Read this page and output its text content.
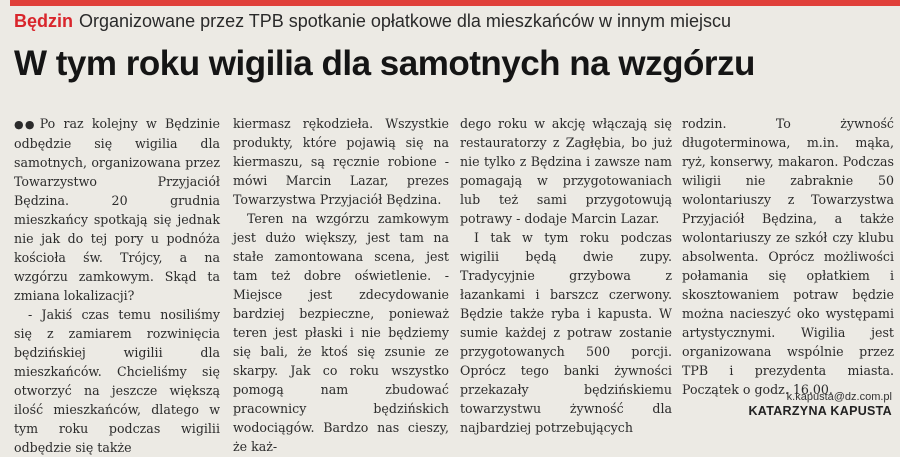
Będzin Organizowane przez TPB spotkanie opłatkowe dla mieszkańców w innym miejscu
W tym roku wigilia dla samotnych na wzgórzu

●● Po raz kolejny w Będzinie odbędzie się wigilia dla samotnych, organizowana przez Towarzystwo Przyjaciół Będzina. 20 grudnia mieszkańcy spotkają się jednak nie jak do tej pory u podnóża kościoła św. Trójcy, a na wzgórzu zamkowym. Skąd ta zmiana lokalizacji?

- Jakiś czas temu nosiliśmy się z zamiarem rozwinięcia będzińskiej wigilii dla mieszkańców. Chcieliśmy się otworzyć na jeszcze większą ilość mieszkańców, dlatego w tym roku podczas wigilii odbędzie się także

kiermasz rękodzieła. Wszystkie produkty, które pojawią się na kiermaszu, są ręcznie robione - mówi Marcin Lazar, prezes Towarzystwa Przyjaciół Będzina.

Teren na wzgórzu zamkowym jest dużo większy, jest tam na stałe zamontowana scena, jest tam też dobre oświetlenie. - Miejsce jest zdecydowanie bardziej bezpieczne, ponieważ teren jest płaski i nie będziemy się bali, że ktoś się zsunie ze skarpy. Jak co roku wszystko pomogą nam zbudować pracownicy będzińskich wodociągów. Bardzo nas cieszy, że każ-

dego roku w akcję włączają się restauratorzy z Zagłębia, bo już nie tylko z Będzina i zawsze nam pomagają w przygotowaniach lub też sami przygotowują potrawy - dodaje Marcin Lazar.

I tak w tym roku podczas wigilii będą dwie zupy. Tradycyjnie grzybowa z łazankami i barszcz czerwony. Będzie także ryba i kapusta. W sumie każdej z potraw zostanie przygotowanych 500 porcji. Oprócz tego banki żywności przekazały będzińskiemu towarzystwu żywność dla najbardziej potrzebujących

rodzin. To żywność długoterminowa, m.in. mąka, ryż, konserwy, makaron. Podczas wiligii nie zabraknie 50 wolontariuszy z Towarzystwa Przyjaciół Będzina, a także wolontariuszy ze szkół czy klubu absolwenta. Oprócz możliwości połamania się opłatkiem i skosztowaniem potraw będzie można nacieszyć oko występami artystycznymi. Wigilia jest organizowana wspólnie przez TPB i prezydenta miasta. Początek o godz. 16.00.

k.kapusta@dz.com.pl
KATARZYNA KAPUSTA
